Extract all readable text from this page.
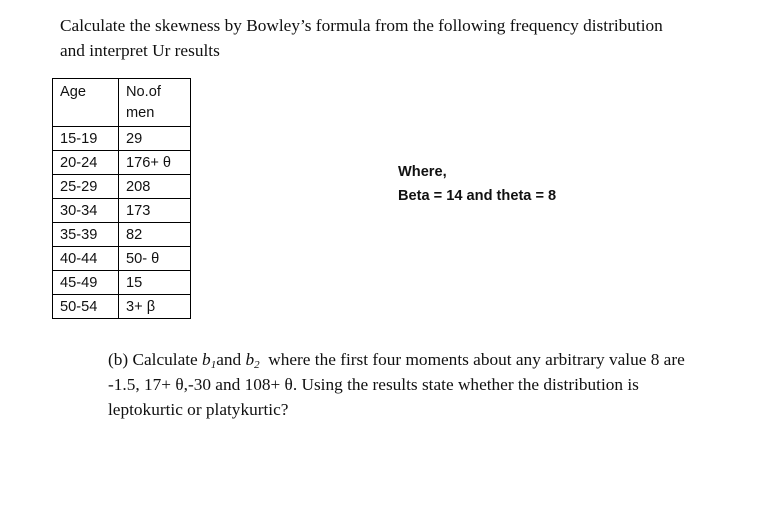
Calculate the skewness by Bowley’s formula from the following frequency distribution
and interpret Ur results
Age	No.of
men
15-19	29
20-24	176+ θ
25-29	208
30-34	173
35-39	82
40-44	50- θ
45-49	15
50-54	3+ β
Where,
Beta = 14 and theta = 8
(b) Calculate $b_1and$ $b_2$  where the first four moments about any arbitrary value 8 are
-1.5, 17+ θ,-30 and 108+ θ. Using the results state whether the distribution is
leptokurtic or platykurtic?
